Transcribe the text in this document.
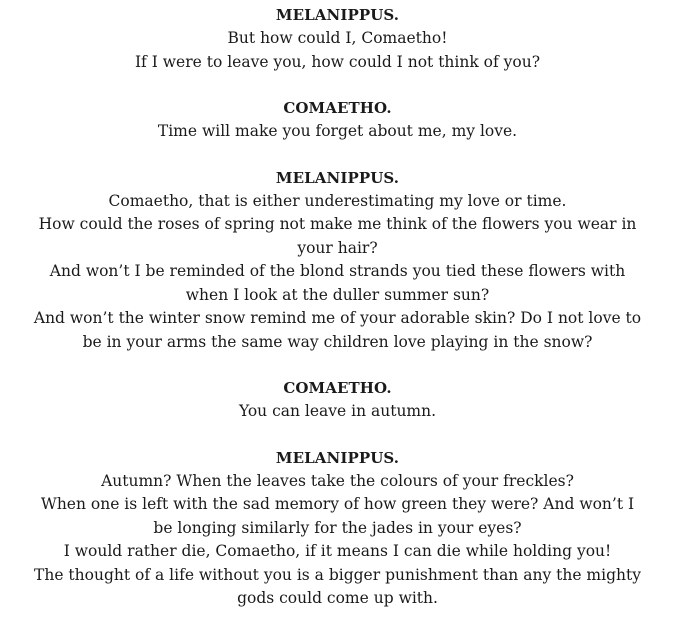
MELANIPPUS.
But how could I, Comaetho!
If I were to leave you, how could I not think of you?
COMAETHO.
Time will make you forget about me, my love.
MELANIPPUS.
Comaetho, that is either underestimating my love or time.
How could the roses of spring not make me think of the flowers you wear in your hair?
And won’t I be reminded of the blond strands you tied these flowers with when I look at the duller summer sun?
And won’t the winter snow remind me of your adorable skin? Do I not love to be in your arms the same way children love playing in the snow?
COMAETHO.
You can leave in autumn.
MELANIPPUS.
Autumn? When the leaves take the colours of your freckles?
When one is left with the sad memory of how green they were? And won’t I be longing similarly for the jades in your eyes?
I would rather die, Comaetho, if it means I can die while holding you!
The thought of a life without you is a bigger punishment than any the mighty gods could come up with.
